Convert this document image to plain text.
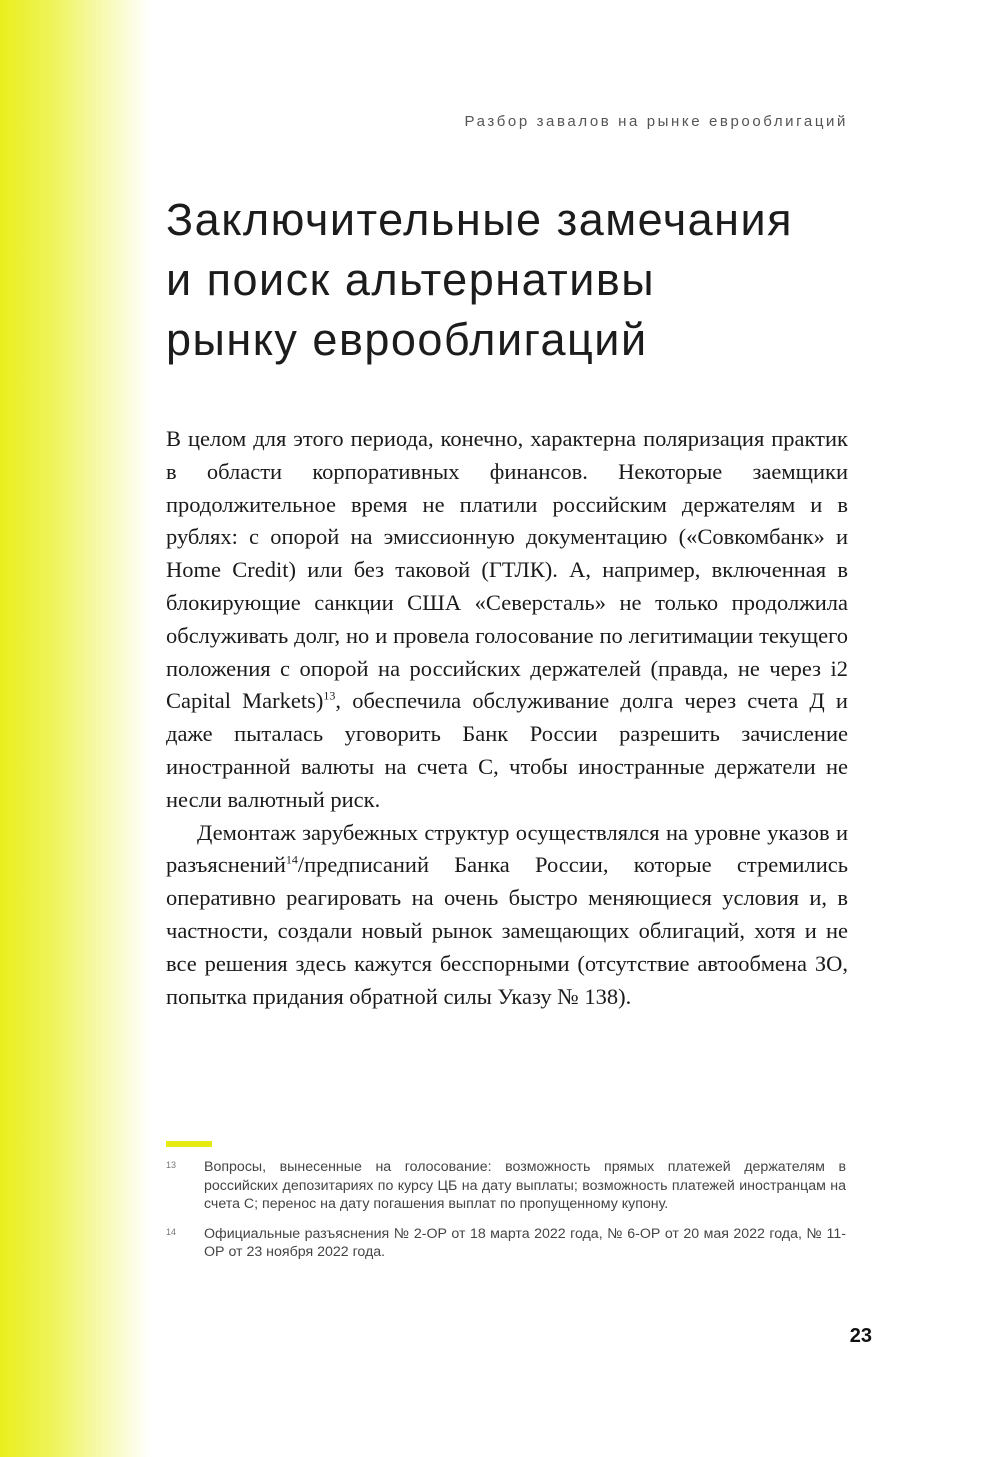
Разбор завалов на рынке еврооблигаций
Заключительные замечания
и поиск альтернативы
рынку еврооблигаций

В целом для этого периода, конечно, характерна поляризация практик в области корпоративных финансов. Некоторые заемщики продолжительное время не платили российским держателям и в рублях: с опорой на эмиссионную документацию («Совкомбанк» и Home Credit) или без таковой (ГТЛК). А, например, включенная в блокирующие санкции США «Северсталь» не только продолжила обслуживать долг, но и провела голосование по легитимации текущего положения с опорой на российских держателей (правда, не через i2 Capital Markets)$^{13}$, обеспечила обслуживание долга через счета Д и даже пыталась уговорить Банк России разрешить зачисление иностранной валюты на счета С, чтобы иностранные держатели не несли валютный риск.

Демонтаж зарубежных структур осуществлялся на уровне указов и разъяснений$^{14}$/предписаний Банка России, которые стремились оперативно реагировать на очень быстро меняющиеся условия и, в частности, создали новый рынок замещающих облигаций, хотя и не все решения здесь кажутся бесспорными (отсутствие автообмена ЗО, попытка придания обратной силы Указу № 138).

13 Вопросы, вынесенные на голосование: возможность прямых платежей держателям в российских депозитариях по курсу ЦБ на дату выплаты; возможность платежей иностранцам на счета С; перенос на дату погашения выплат по пропущенному купону.
14 Официальные разъяснения № 2-ОР от 18 марта 2022 года, № 6-ОР от 20 мая 2022 года, № 11-ОР от 23 ноября 2022 года.
23
